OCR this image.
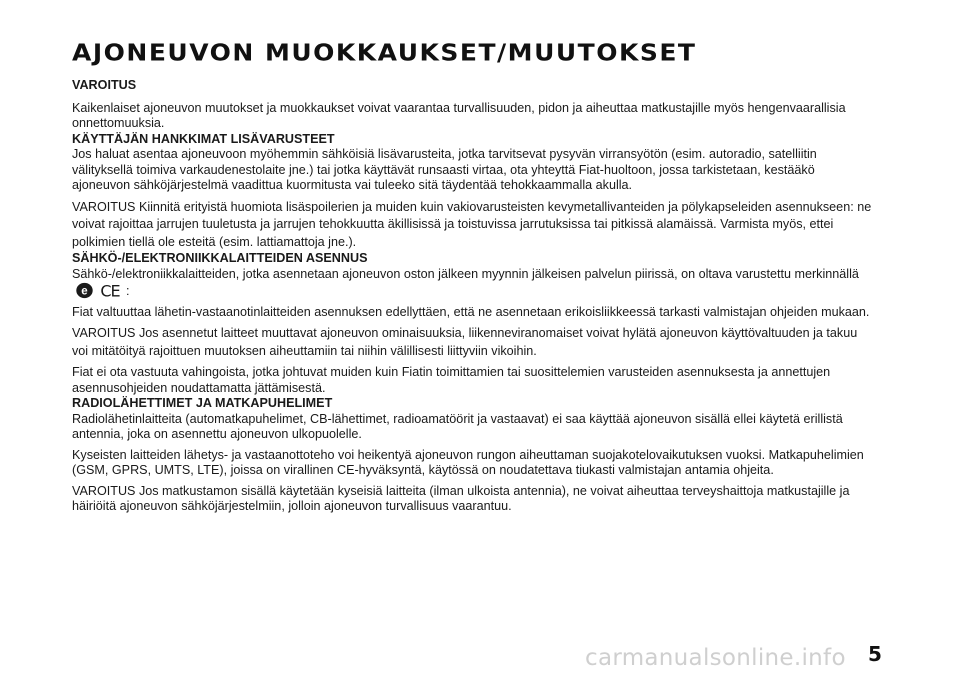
AJONEUVON MUOKKAUKSET/MUUTOKSET

VAROITUS

Kaikenlaiset ajoneuvon muutokset ja muokkaukset voivat vaarantaa turvallisuuden, pidon ja aiheuttaa matkustajille myös hengenvaarallisia onnettomuuksia.

KÄYTTÄJÄN HANKKIMAT LISÄVARUSTEET

Jos haluat asentaa ajoneuvoon myöhemmin sähköisiä lisävarusteita, jotka tarvitsevat pysyvän virransyötön (esim. autoradio, satelliitin välityksellä toimiva varkaudenestolaite jne.) tai jotka käyttävät runsaasti virtaa, ota yhteyttä Fiat-huoltoon, jossa tarkistetaan, kestääkö ajoneuvon sähköjärjestelmä vaadittua kuormitusta vai tuleeko sitä täydentää tehokkaammalla akulla.

VAROITUS Kiinnitä erityistä huomiota lisäspoilerien ja muiden kuin vakiovarusteisten kevymetallivanteiden ja pölykapseleiden asennukseen: ne voivat rajoittaa jarrujen tuuletusta ja jarrujen tehokkuutta äkillisissä ja toistuvissa jarrutuksissa tai pitkissä alamäissä. Varmista myös, ettei polkimien tiellä ole esteitä (esim. lattiamattoja jne.).

SÄHKÖ-/ELEKTRONIIKKALAITTEIDEN ASENNUS

Sähkö-/elektroniikkalaitteiden, jotka asennetaan ajoneuvon oston jälkeen myynnin jälkeisen palvelun piirissä, on oltava varustettu merkinnällä
e CE :

Fiat valtuuttaa lähetin-vastaanotinlaitteiden asennuksen edellyttäen, että ne asennetaan erikoisliikkeessä tarkasti valmistajan ohjeiden mukaan.

VAROITUS Jos asennetut laitteet muuttavat ajoneuvon ominaisuuksia, liikenneviranomaiset voivat hylätä ajoneuvon käyttövaltuuden ja takuu voi mitätöityä rajoittuen muutoksen aiheuttamiin tai niihin välillisesti liittyviin vikoihin.

Fiat ei ota vastuuta vahingoista, jotka johtuvat muiden kuin Fiatin toimittamien tai suosittelemien varusteiden asennuksesta ja annettujen asennusohjeiden noudattamatta jättämisestä.

RADIOLÄHETTIMET JA MATKAPUHELIMET

Radiolähetinlaitteita (automatkapuhelimet, CB-lähettimet, radioamatöörit ja vastaavat) ei saa käyttää ajoneuvon sisällä ellei käytetä erillistä antennia, joka on asennettu ajoneuvon ulkopuolelle.

Kyseisten laitteiden lähetys- ja vastaanottoteho voi heikentyä ajoneuvon rungon aiheuttaman suojakotelovaikutuksen vuoksi. Matkapuhelimien (GSM, GPRS, UMTS, LTE), joissa on virallinen CE-hyväksyntä, käytössä on noudatettava tiukasti valmistajan antamia ohjeita.

VAROITUS Jos matkustamon sisällä käytetään kyseisiä laitteita (ilman ulkoista antennia), ne voivat aiheuttaa terveyshaittoja matkustajille ja häiriöitä ajoneuvon sähköjärjestelmiin, jolloin ajoneuvon turvallisuus vaarantuu.

carmanualsonline.info 5
